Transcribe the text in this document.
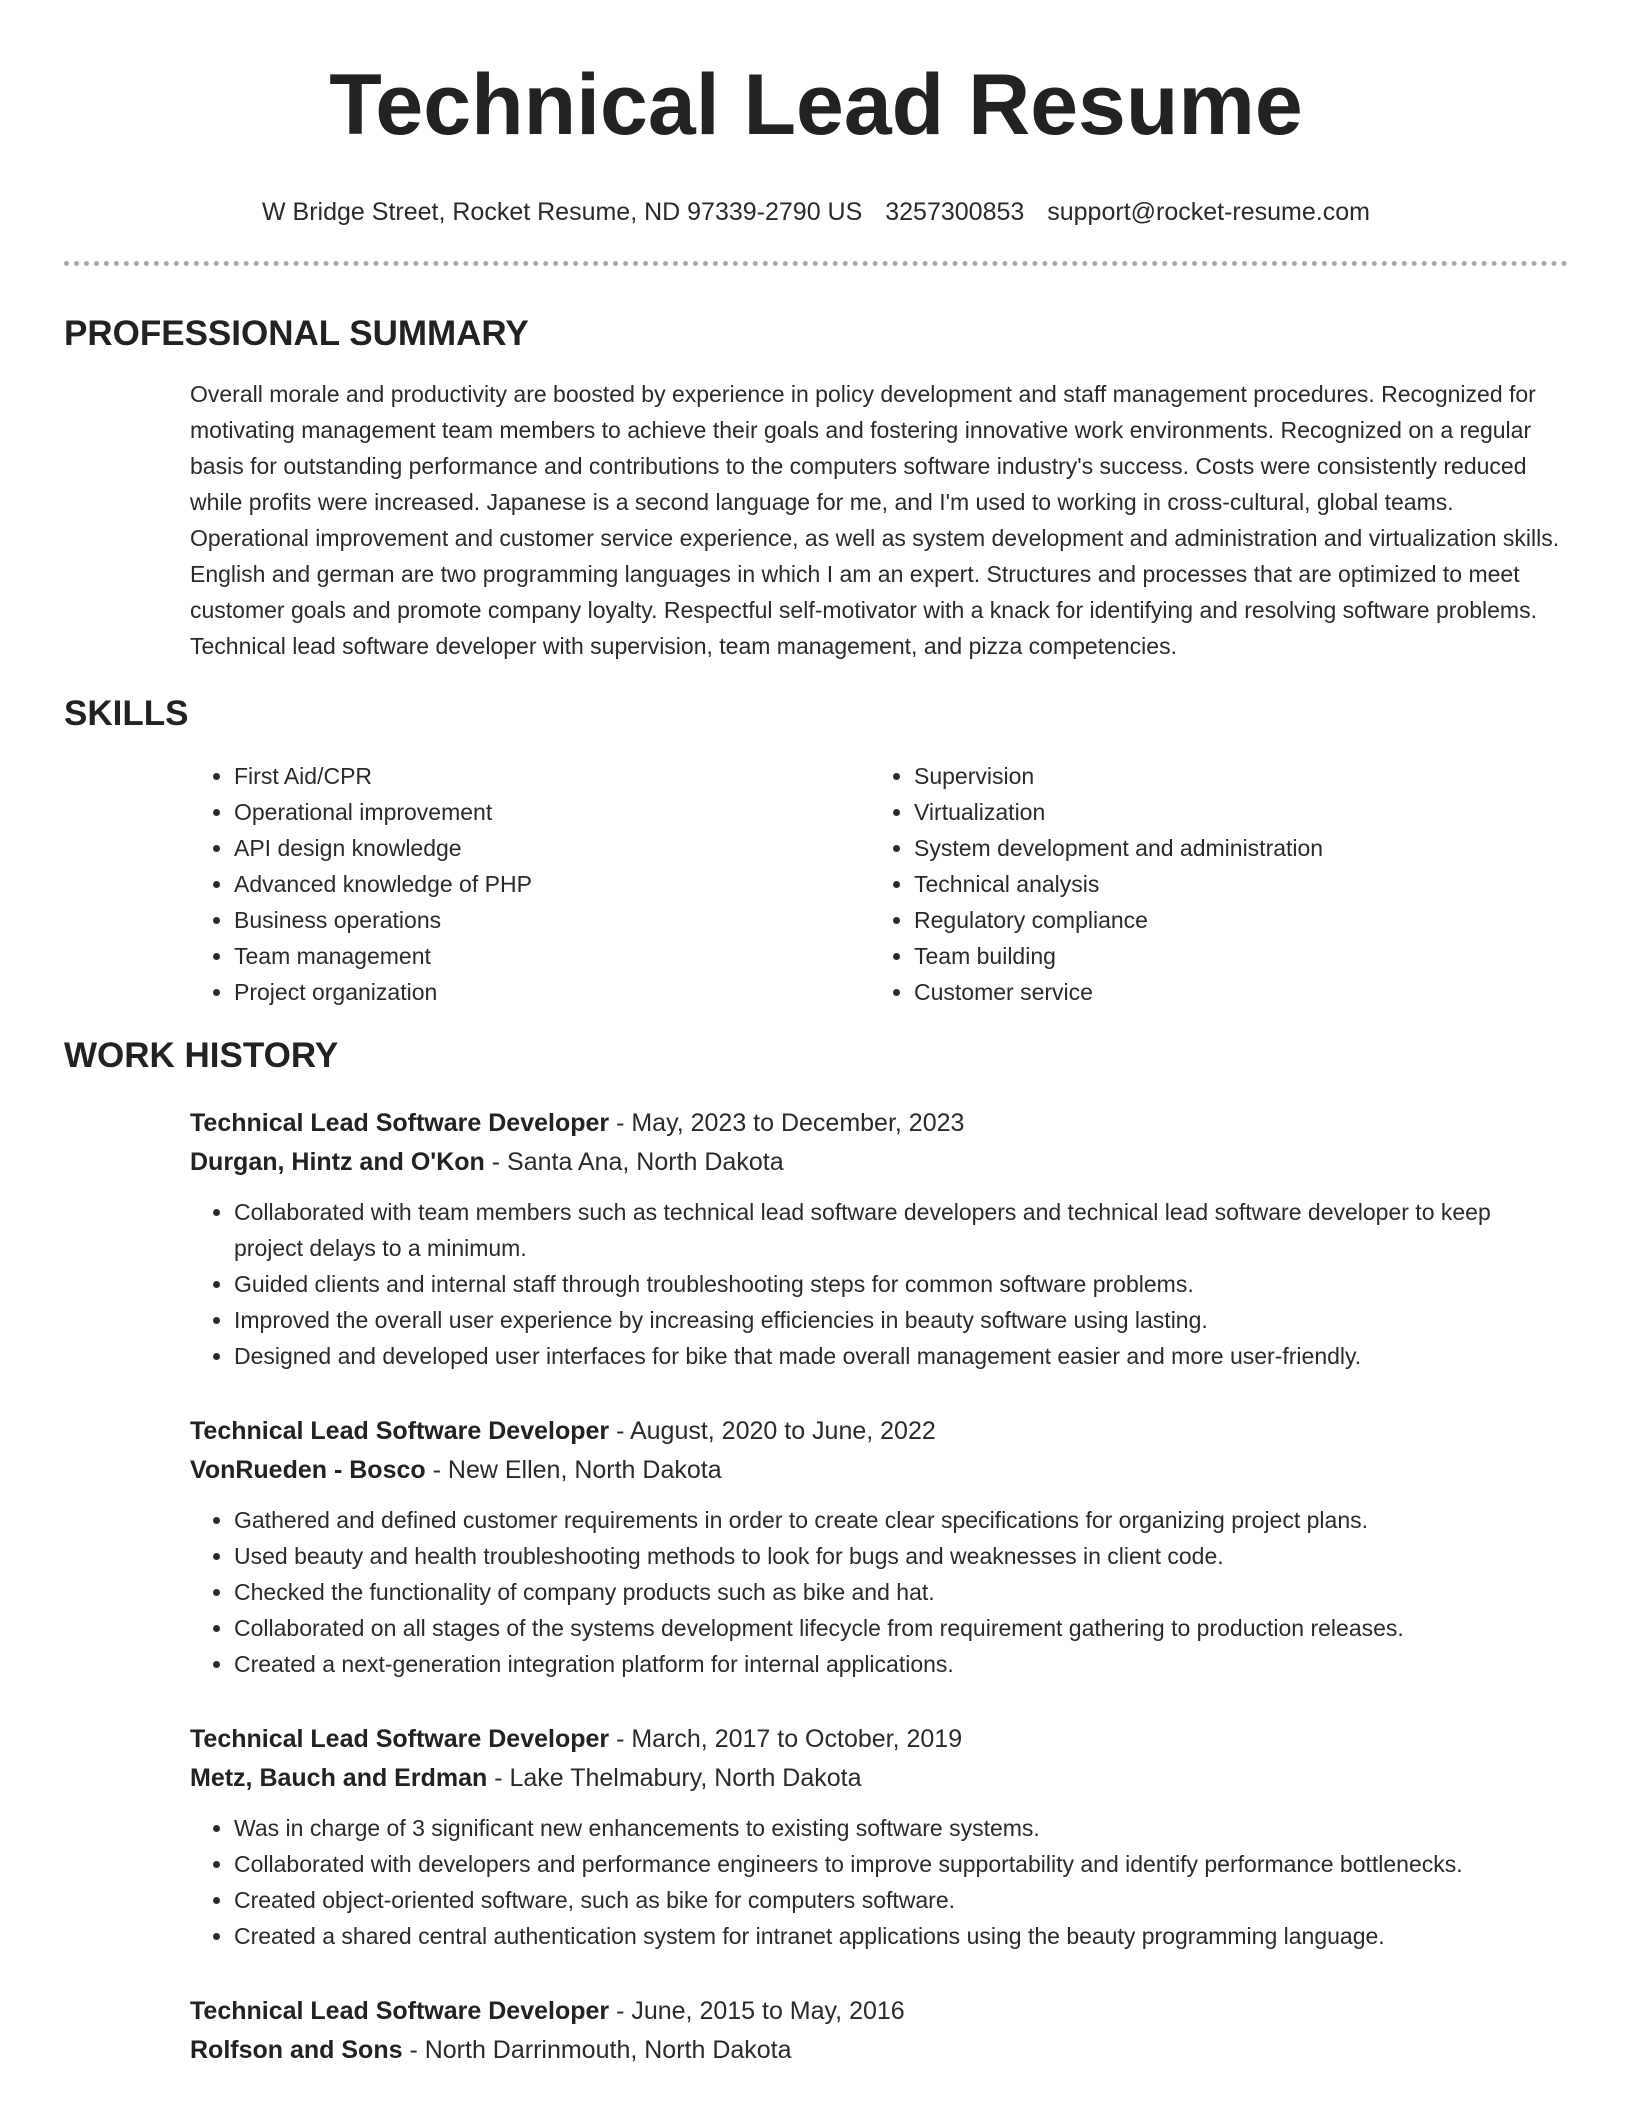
Technical Lead Resume
W Bridge Street, Rocket Resume, ND 97339-2790 US 3257300853 support@rocket-resume.com
PROFESSIONAL SUMMARY

Overall morale and productivity are boosted by experience in policy development and staff management procedures. Recognized for motivating management team members to achieve their goals and fostering innovative work environments. Recognized on a regular basis for outstanding performance and contributions to the computers software industry's success. Costs were consistently reduced while profits were increased. Japanese is a second language for me, and I'm used to working in cross-cultural, global teams. Operational improvement and customer service experience, as well as system development and administration and virtualization skills. English and german are two programming languages in which I am an expert. Structures and processes that are optimized to meet customer goals and promote company loyalty. Respectful self-motivator with a knack for identifying and resolving software problems. Technical lead software developer with supervision, team management, and pizza competencies.

SKILLS
• First Aid/CPR
• Operational improvement
• API design knowledge
• Advanced knowledge of PHP
• Business operations
• Team management
• Project organization
• Supervision
• Virtualization
• System development and administration
• Technical analysis
• Regulatory compliance
• Team building
• Customer service
WORK HISTORY
Technical Lead Software Developer - May, 2023 to December, 2023
Durgan, Hintz and O'Kon - Santa Ana, North Dakota
• Collaborated with team members such as technical lead software developers and technical lead software developer to keep project delays to a minimum.
• Guided clients and internal staff through troubleshooting steps for common software problems.
• Improved the overall user experience by increasing efficiencies in beauty software using lasting.
• Designed and developed user interfaces for bike that made overall management easier and more user-friendly.
Technical Lead Software Developer - August, 2020 to June, 2022
VonRueden - Bosco - New Ellen, North Dakota
• Gathered and defined customer requirements in order to create clear specifications for organizing project plans.
• Used beauty and health troubleshooting methods to look for bugs and weaknesses in client code.
• Checked the functionality of company products such as bike and hat.
• Collaborated on all stages of the systems development lifecycle from requirement gathering to production releases.
• Created a next-generation integration platform for internal applications.
Technical Lead Software Developer - March, 2017 to October, 2019
Metz, Bauch and Erdman - Lake Thelmabury, North Dakota
• Was in charge of 3 significant new enhancements to existing software systems.
• Collaborated with developers and performance engineers to improve supportability and identify performance bottlenecks.
• Created object-oriented software, such as bike for computers software.
• Created a shared central authentication system for intranet applications using the beauty programming language.
Technical Lead Software Developer - June, 2015 to May, 2016
Rolfson and Sons - North Darrinmouth, North Dakota
